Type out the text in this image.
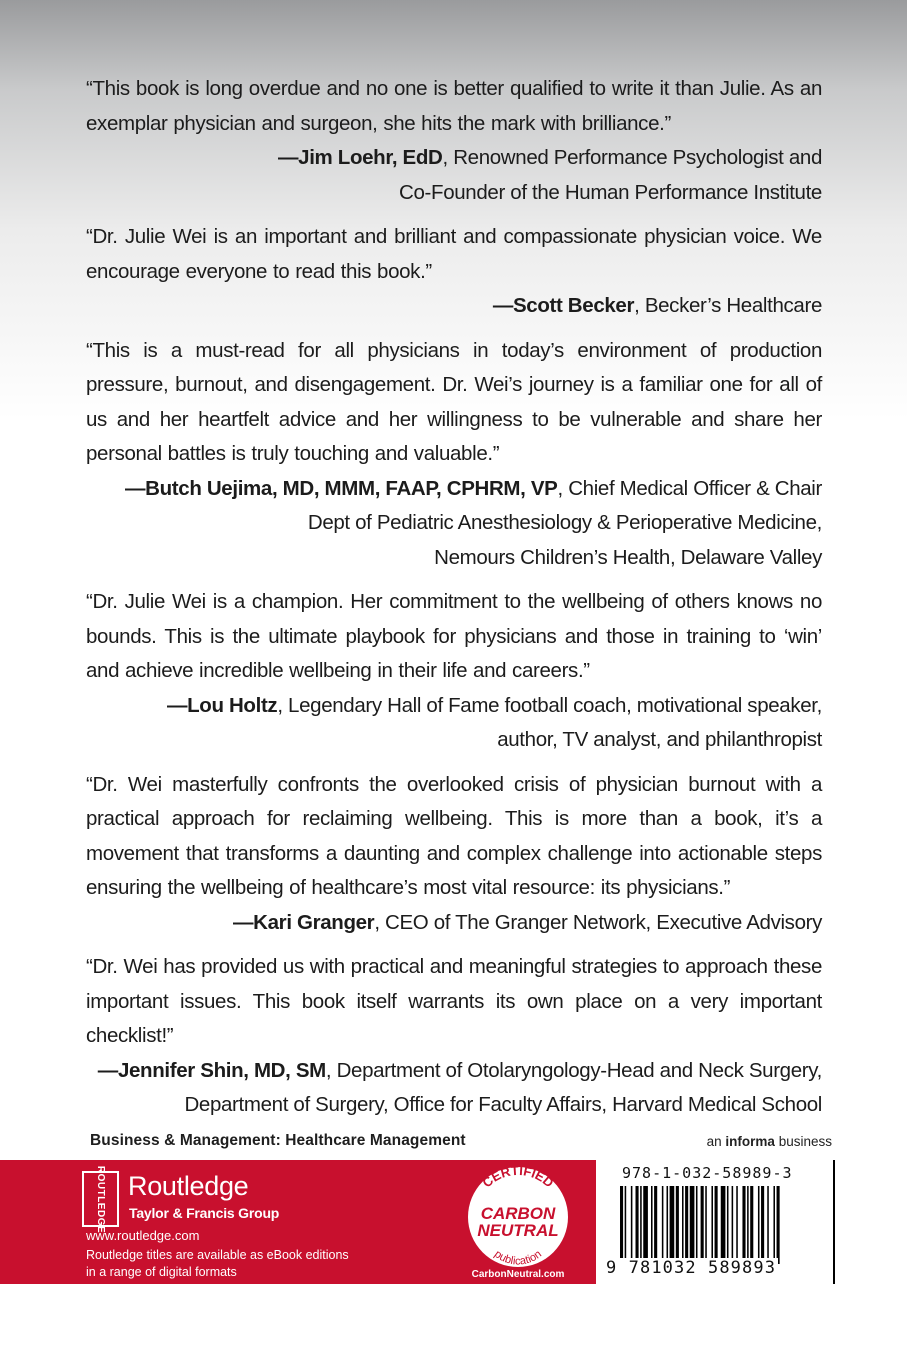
“This book is long overdue and no one is better qualified to write it than Julie. As an exemplar physician and surgeon, she hits the mark with brilliance.”

—Jim Loehr, EdD, Renowned Performance Psychologist and
Co-Founder of the Human Performance Institute

“Dr. Julie Wei is an important and brilliant and compassionate physician voice. We encourage everyone to read this book.”

—Scott Becker, Becker’s Healthcare

“This is a must-read for all physicians in today’s environment of production pressure, burnout, and disengagement. Dr. Wei’s journey is a familiar one for all of us and her heartfelt advice and her willingness to be vulnerable and share her personal battles is truly touching and valuable.”

—Butch Uejima, MD, MMM, FAAP, CPHRM, VP, Chief Medical Officer & Chair
Dept of Pediatric Anesthesiology & Perioperative Medicine,
Nemours Children’s Health, Delaware Valley

“Dr. Julie Wei is a champion. Her commitment to the wellbeing of others knows no bounds. This is the ultimate playbook for physicians and those in training to ‘win’ and achieve incredible wellbeing in their life and careers.”

—Lou Holtz, Legendary Hall of Fame football coach, motivational speaker,
author, TV analyst, and philanthropist

“Dr. Wei masterfully confronts the overlooked crisis of physician burnout with a practical approach for reclaiming wellbeing. This is more than a book, it’s a movement that transforms a daunting and complex challenge into actionable steps ensuring the wellbeing of healthcare’s most vital resource: its physicians.”

—Kari Granger, CEO of The Granger Network, Executive Advisory

“Dr. Wei has provided us with practical and meaningful strategies to approach these important issues. This book itself warrants its own place on a very important checklist!”

—Jennifer Shin, MD, SM, Department of Otolaryngology-Head and Neck Surgery,
Department of Surgery, Office for Faculty Affairs, Harvard Medical School

Business & Management: Healthcare Management	an informa business
ROUTLEDGE Routledge
Taylor & Francis Group
www.routledge.com
Routledge titles are available as eBook editions
in a range of digital formats
CERTIFIED
CARBON
NEUTRAL
publication
CarbonNeutral.com
978-1-032-58989-3
9 781032 589893
